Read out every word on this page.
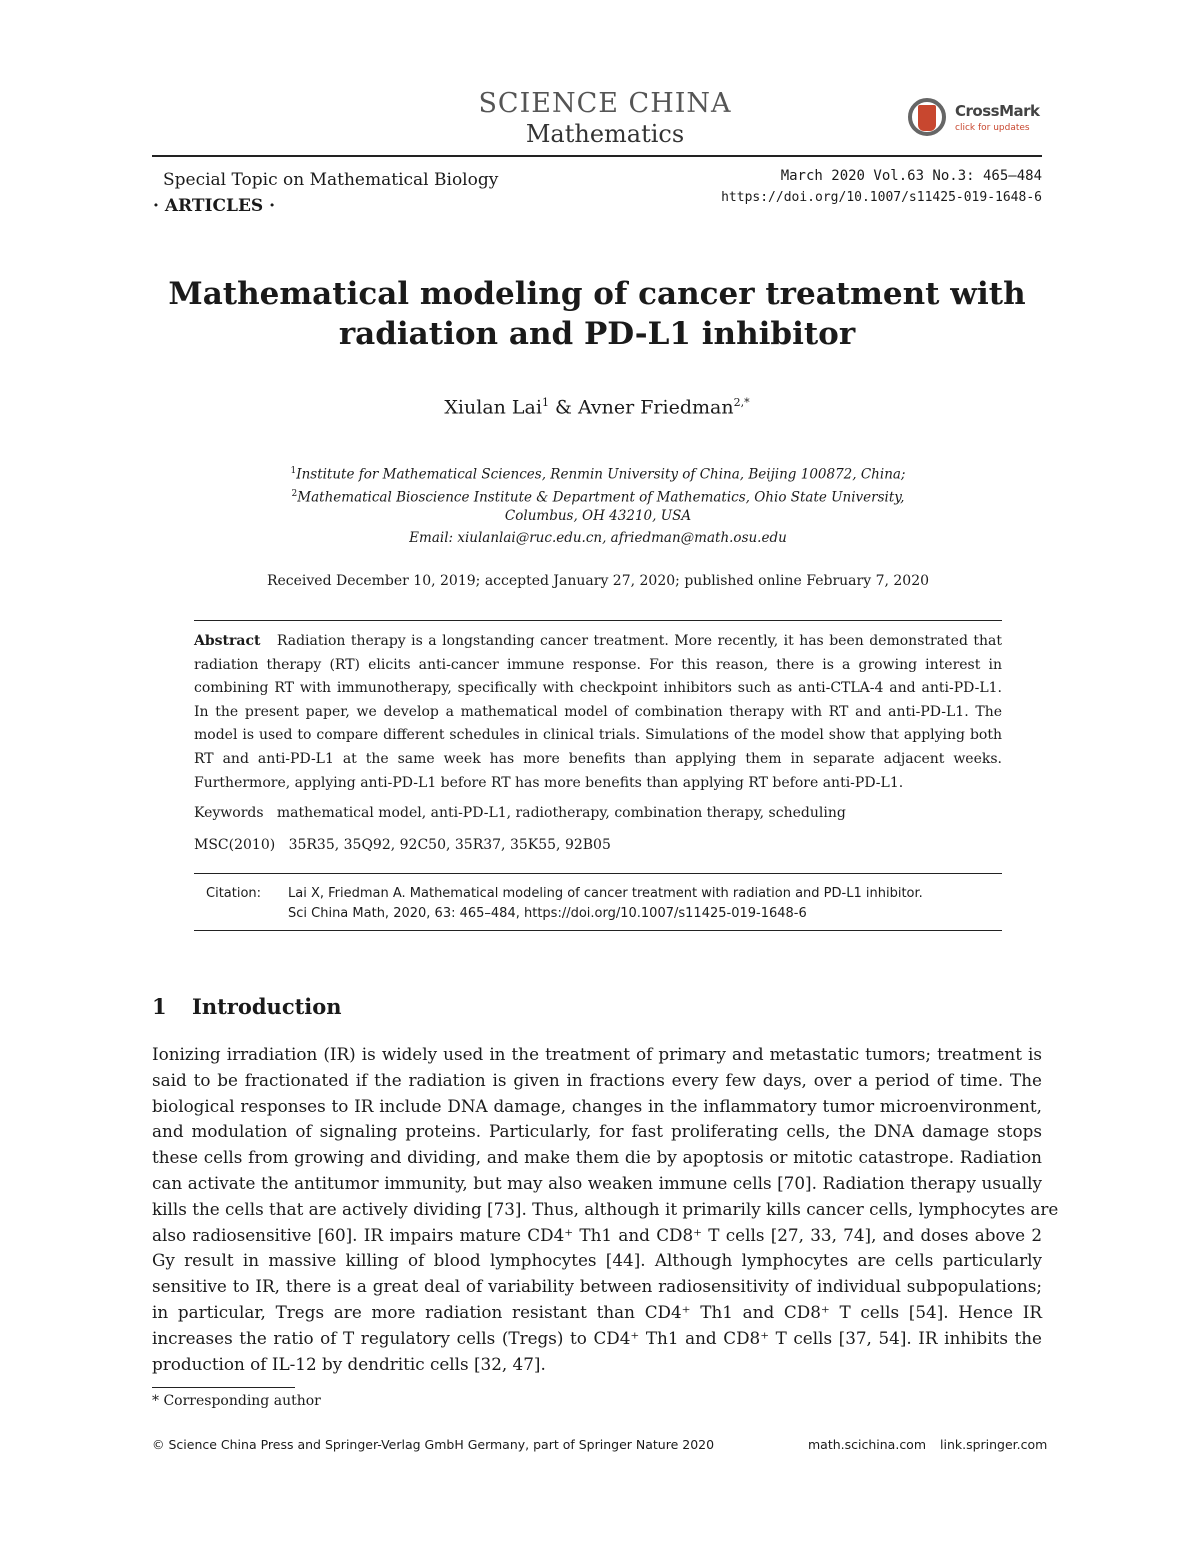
SCIENCE CHINA
Mathematics
CrossMark
click for updates
Special Topic on Mathematical Biology
· ARTICLES ·
March 2020 Vol.63 No.3: 465–484
https://doi.org/10.1007/s11425-019-1648-6
Mathematical modeling of cancer treatment with
radiation and PD-L1 inhibitor
Xiulan Lai$^1$ & Avner Friedman$^{2,*}$
$^1$Institute for Mathematical Sciences, Renmin University of China, Beijing 100872, China;
$^2$Mathematical Bioscience Institute & Department of Mathematics, Ohio State University,
Columbus, OH 43210, USA
Email: xiulanlai@ruc.edu.cn, afriedman@math.osu.edu
Received December 10, 2019; accepted January 27, 2020; published online February 7, 2020
Abstract Radiation therapy is a longstanding cancer treatment. More recently, it has been demonstrated that radiation therapy (RT) elicits anti-cancer immune response. For this reason, there is a growing interest in combining RT with immunotherapy, specifically with checkpoint inhibitors such as anti-CTLA-4 and anti-PD-L1. In the present paper, we develop a mathematical model of combination therapy with RT and anti-PD-L1. The model is used to compare different schedules in clinical trials. Simulations of the model show that applying both RT and anti-PD-L1 at the same week has more benefits than applying them in separate adjacent weeks. Furthermore, applying anti-PD-L1 before RT has more benefits than applying RT before anti-PD-L1.
Keywords mathematical model, anti-PD-L1, radiotherapy, combination therapy, scheduling
MSC(2010) 35R35, 35Q92, 92C50, 35R37, 35K55, 92B05
Citation: Lai X, Friedman A. Mathematical modeling of cancer treatment with radiation and PD-L1 inhibitor.
Sci China Math, 2020, 63: 465–484, https://doi.org/10.1007/s11425-019-1648-6
1 Introduction
Ionizing irradiation (IR) is widely used in the treatment of primary and metastatic tumors; treatment is
said to be fractionated if the radiation is given in fractions every few days, over a period of time. The
biological responses to IR include DNA damage, changes in the inflammatory tumor microenvironment,
and modulation of signaling proteins. Particularly, for fast proliferating cells, the DNA damage stops
these cells from growing and dividing, and make them die by apoptosis or mitotic catastrope. Radiation
can activate the antitumor immunity, but may also weaken immune cells [70]. Radiation therapy usually
kills the cells that are actively dividing [73]. Thus, although it primarily kills cancer cells, lymphocytes are
also radiosensitive [60]. IR impairs mature CD4⁺ Th1 and CD8⁺ T cells [27, 33, 74], and doses above 2
Gy result in massive killing of blood lymphocytes [44]. Although lymphocytes are cells particularly
sensitive to IR, there is a great deal of variability between radiosensitivity of individual subpopulations;
in particular, Tregs are more radiation resistant than CD4⁺ Th1 and CD8⁺ T cells [54]. Hence IR
increases the ratio of T regulatory cells (Tregs) to CD4⁺ Th1 and CD8⁺ T cells [37, 54]. IR inhibits the
production of IL-12 by dendritic cells [32, 47].
* Corresponding author
© Science China Press and Springer-Verlag GmbH Germany, part of Springer Nature 2020	math.scichina.com link.springer.com
